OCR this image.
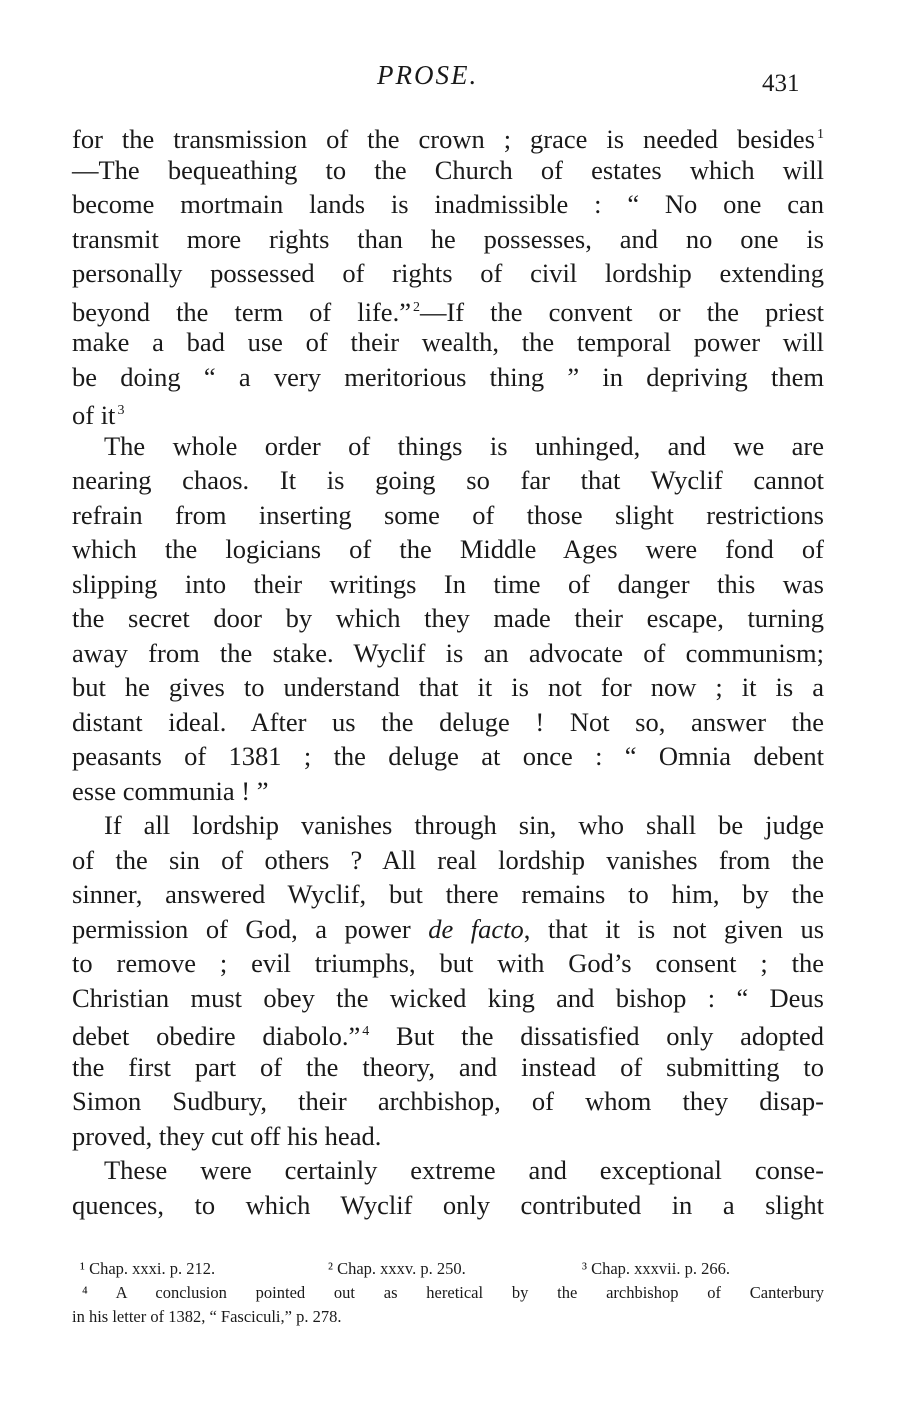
PROSE.	431
for the transmission of the crown ; grace is needed besides $^1$
—The bequeathing to the Church of estates which will
become mortmain lands is inadmissible : “ No one can
transmit more rights than he possesses, and no one is
personally possessed of rights of civil lordship extending
beyond the term of life.” $^2$—If the convent or the priest
make a bad use of their wealth, the temporal power will
be doing “ a very meritorious thing ” in depriving them
of it $^3$
The whole order of things is unhinged, and we are
nearing chaos. It is going so far that Wyclif cannot
refrain from inserting some of those slight restrictions
which the logicians of the Middle Ages were fond of
slipping into their writings In time of danger this was
the secret door by which they made their escape, turning
away from the stake. Wyclif is an advocate of communism;
but he gives to understand that it is not for now ; it is a
distant ideal. After us the deluge ! Not so, answer the
peasants of 1381 ; the deluge at once : “ Omnia debent
esse communia ! ”
If all lordship vanishes through sin, who shall be judge
of the sin of others ? All real lordship vanishes from the
sinner, answered Wyclif, but there remains to him, by the
permission of God, a power de facto, that it is not given us
to remove ; evil triumphs, but with God’s consent ; the
Christian must obey the wicked king and bishop : “ Deus
debet obedire diabolo.” $^4$ But the dissatisfied only adopted
the first part of the theory, and instead of submitting to
Simon Sudbury, their archbishop, of whom they disap-
proved, they cut off his head.
These were certainly extreme and exceptional conse-
quences, to which Wyclif only contributed in a slight
¹ Chap. xxxi. p. 212.	² Chap. xxxv. p. 250.	³ Chap. xxxvii. p. 266.
⁴ A conclusion pointed out as heretical by the archbishop of Canterbury
in his letter of 1382, “ Fasciculi,” p. 278.
